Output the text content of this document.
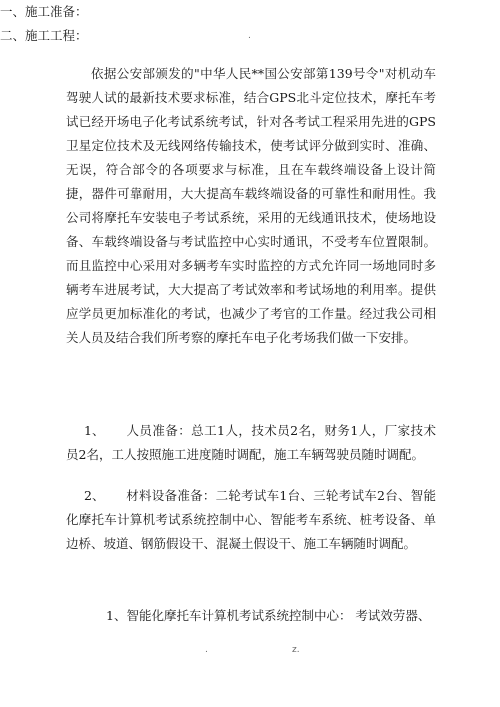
.

依据公安部颁发的"中华人民**国公安部第139号令"对机动车驾驶人试的最新技术要求标准，结合GPS北斗定位技术，摩托车考试已经开场电子化考试系统考试，针对各考试工程采用先进的GPS卫星定位技术及无线网络传输技术，使考试评分做到实时、准确、无误，符合部令的各项要求与标准，且在车载终端设备上设计简捷，器件可靠耐用，大大提高车载终端设备的可靠性和耐用性。我公司将摩托车安装电子考试系统，采用的无线通讯技术，使场地设备、车载终端设备与考试监控中心实时通讯，不受考车位置限制。而且监控中心采用对多辆考车实时监控的方式允许同一场地同时多辆考车进展考试，大大提高了考试效率和考试场地的利用率。提供应学员更加标准化的考试，也减少了考官的工作量。经过我公司相关人员及结合我们所考察的摩托车电子化考场我们做一下安排。

一、施工准备：

1、 人员准备：总工1人，技术员2名，财务1人，厂家技术员2名，工人按照施工进度随时调配，施工车辆驾驶员随时调配。

2、 材料设备准备：二轮考试车1台、三轮考试车2台、智能化摩托车计算机考试系统控制中心、智能考车系统、桩考设备、单边桥、坡道、钢筋假设干、混凝土假设干、施工车辆随时调配。

二、施工工程：

1、智能化摩托车计算机考试系统控制中心： 考试效劳器、

.	z.
